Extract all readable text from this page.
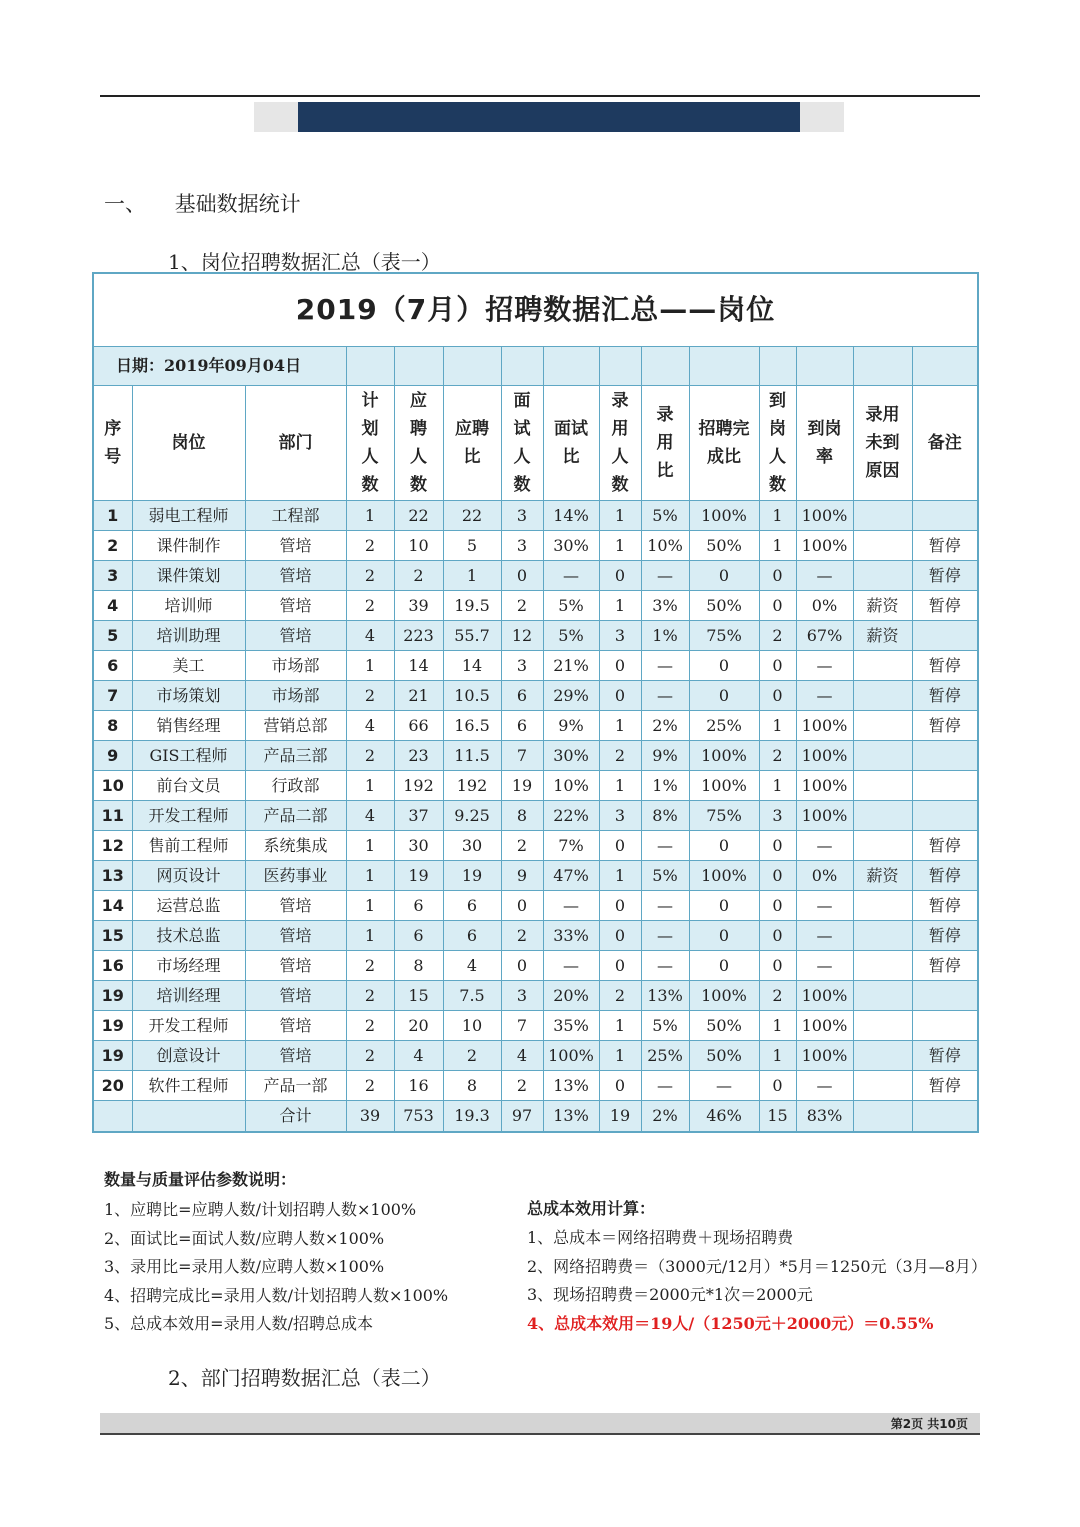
一、 基础数据统计
1、岗位招聘数据汇总（表一）
2019（7月）招聘数据汇总——岗位														
日期：2019年09月04日														
序号	岗位	部门	计划人数	应聘人数	应聘比	面试人数	面试比	录用人数	录用比	招聘完成比	到岗人数	到岗率	录用未到原因	备注
1	弱电工程师	工程部	1	22	22	3	14%	1	5%	100%	1	100%		
2	课件制作	管培	2	10	5	3	30%	1	10%	50%	1	100%		暂停
3	课件策划	管培	2	2	1	0	—	0	—	0	0	—		暂停
4	培训师	管培	2	39	19.5	2	5%	1	3%	50%	0	0%	薪资	暂停
5	培训助理	管培	4	223	55.7	12	5%	3	1%	75%	2	67%	薪资	
6	美工	市场部	1	14	14	3	21%	0	—	0	0	—		暂停
7	市场策划	市场部	2	21	10.5	6	29%	0	—	0	0	—		暂停
8	销售经理	营销总部	4	66	16.5	6	9%	1	2%	25%	1	100%		暂停
9	GIS工程师	产品三部	2	23	11.5	7	30%	2	9%	100%	2	100%		
10	前台文员	行政部	1	192	192	19	10%	1	1%	100%	1	100%		
11	开发工程师	产品二部	4	37	9.25	8	22%	3	8%	75%	3	100%		
12	售前工程师	系统集成	1	30	30	2	7%	0	—	0	0	—		暂停
13	网页设计	医药事业	1	19	19	9	47%	1	5%	100%	0	0%	薪资	暂停
14	运营总监	管培	1	6	6	0	—	0	—	0	0	—		暂停
15	技术总监	管培	1	6	6	2	33%	0	—	0	0	—		暂停
16	市场经理	管培	2	8	4	0	—	0	—	0	0	—		暂停
19	培训经理	管培	2	15	7.5	3	20%	2	13%	100%	2	100%		
19	开发工程师	管培	2	20	10	7	35%	1	5%	50%	1	100%		
19	创意设计	管培	2	4	2	4	100%	1	25%	50%	1	100%		暂停
20	软件工程师	产品一部	2	16	8	2	13%	0	—	—	0	—		暂停
		合计	39	753	19.3	97	13%	19	2%	46%	15	83%		
数量与质量评估参数说明：
1、应聘比=应聘人数/计划招聘人数×100%
2、面试比=面试人数/应聘人数×100%
3、录用比=录用人数/应聘人数×100%
4、招聘完成比=录用人数/计划招聘人数×100%
5、总成本效用=录用人数/招聘总成本
总成本效用计算：
1、总成本＝网络招聘费＋现场招聘费
2、网络招聘费＝（3000元/12月）*5月＝1250元（3月—8月）
3、现场招聘费＝2000元*1次＝2000元
4、总成本效用＝19人/（1250元＋2000元）＝0.55%
2、部门招聘数据汇总（表二）
第2页 共10页
